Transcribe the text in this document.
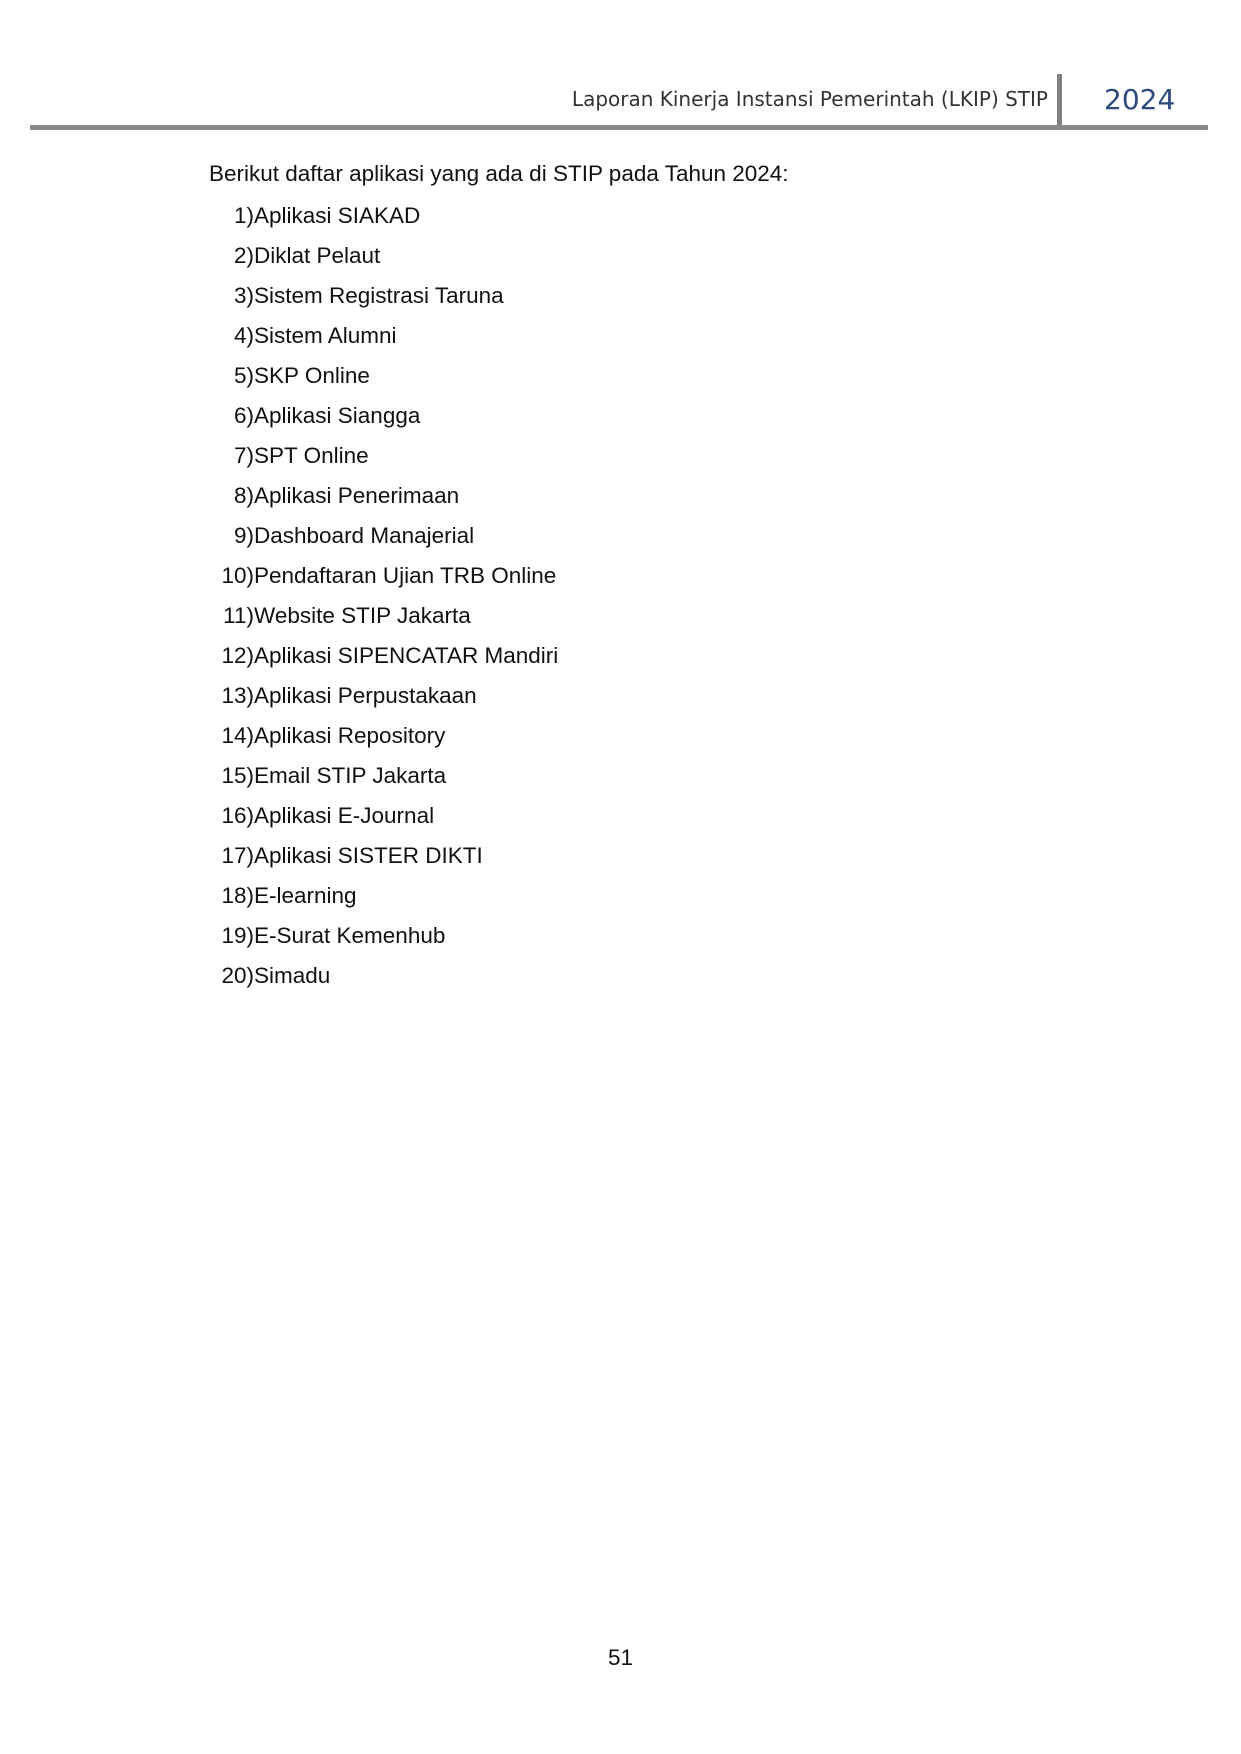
Laporan Kinerja Instansi Pemerintah (LKIP) STIP 2024

Berikut daftar aplikasi yang ada di STIP pada Tahun 2024:

1) Aplikasi SIAKAD
2) Diklat Pelaut
3) Sistem Registrasi Taruna
4) Sistem Alumni
5) SKP Online
6) Aplikasi Siangga
7) SPT Online
8) Aplikasi Penerimaan
9) Dashboard Manajerial
10) Pendaftaran Ujian TRB Online
11) Website STIP Jakarta
12) Aplikasi SIPENCATAR Mandiri
13) Aplikasi Perpustakaan
14) Aplikasi Repository
15) Email STIP Jakarta
16) Aplikasi E-Journal
17) Aplikasi SISTER DIKTI
18) E-learning
19) E-Surat Kemenhub
20) Simadu
51
